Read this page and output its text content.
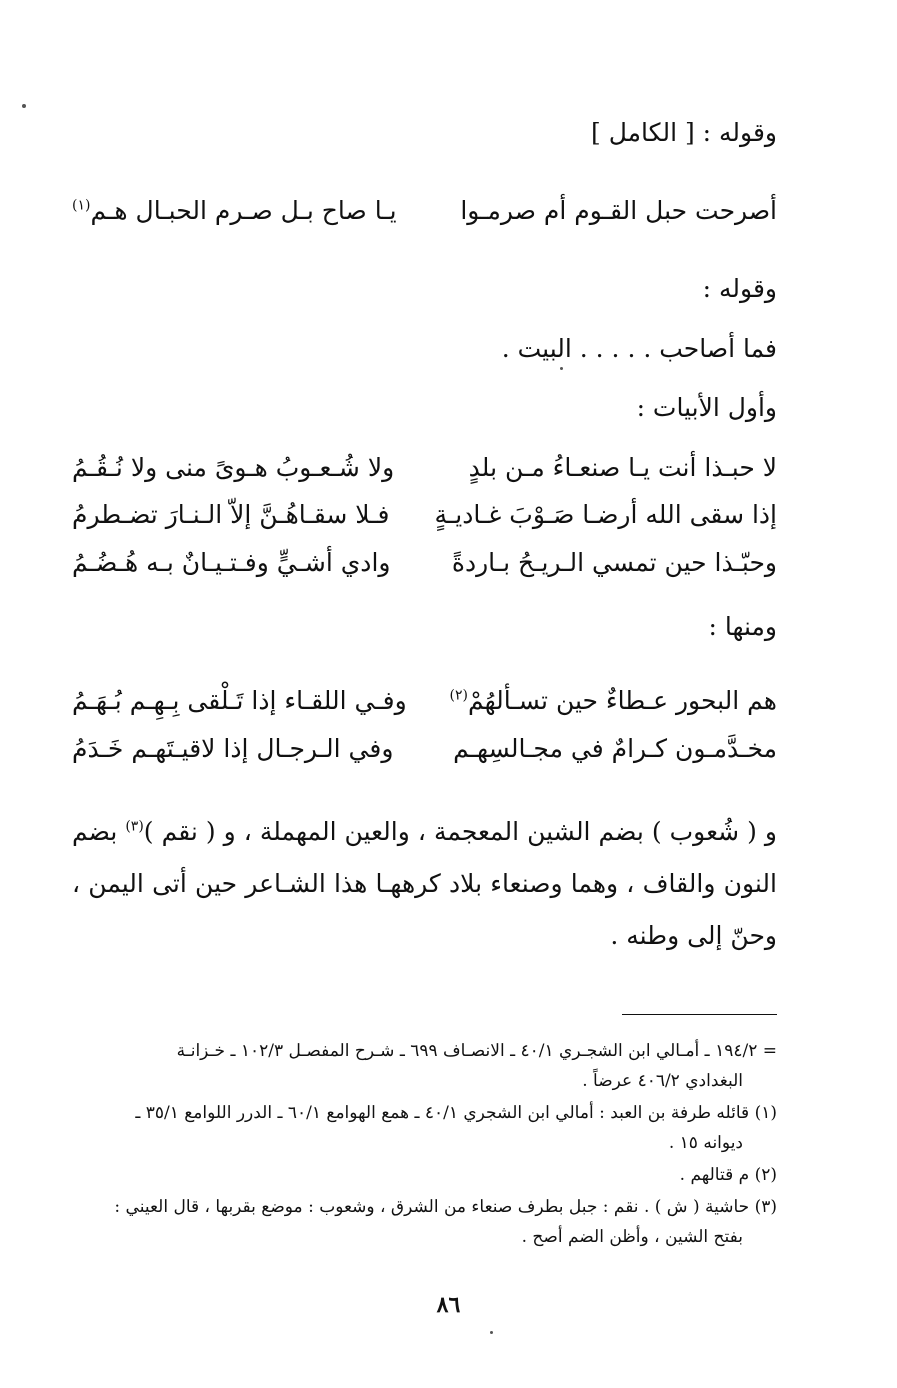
وقوله : [ الكامل ]
أصرحت حبل القـوم أم صرمـوا
يـا صاح بـل صـرم الحبـال هـم$^{(١)}$
وقوله :
فما أصاحب . . . . . البيت .
وأول الأبيات :
لا حبـذا أنت يـا صنعـاءُ مـن بلدٍ
ولا شُـعـوبُ هـوىً منى ولا نُـقُـمُ
إذا سقى الله أرضـا صَـوْبَ غـاديـةٍ
فـلا سقـاهُـنَّ إلاّ الـنـارَ تضـطرمُ
وحبّـذا حين تمسي الـريـحُ بـاردةً
وادي أشـيٍّ وفـتـيـانٌ بـه هُـضُـمُ
ومنها :
هم البحور عـطاءٌ حين تسـألهُمْ$^{(٢)}$
وفـي اللقـاء إذا تَـلْقى بِـهِـم بُـهَـمُ
مخـدَّمـون كـرامٌ في مجـالسِهـم
وفي الـرجـال إذا لاقيـتَهـم خَـدَمُ
و ( شُعوب ) بضم الشين المعجمة ، والعين المهملة ، و ( نقم )$^{(٣)}$ بضم النون والقاف ، وهما وصنعاء بلاد كرههـا هذا الشـاعر حين أتى اليمن ، وحنّ إلى وطنه .
= ١٩٤/٢ ـ أمـالي ابن الشجـري ٤٠/١ ـ الانصـاف ٦٩٩ ـ شـرح المفصـل ١٠٢/٣ ـ خـزانـة
البغدادي ٤٠٦/٢ عرضاً .
(١) قائله طرفة بن العبد : أمالي ابن الشجري ٤٠/١ ـ همع الهوامع ٦٠/١ ـ الدرر اللوامع ٣٥/١ ـ
ديوانه ١٥ .
(٢) م قتالهم .
(٣) حاشية ( ش ) . نقم : جبل بطرف صنعاء من الشرق ، وشعوب : موضع بقربها ، قال العيني :
بفتح الشين ، وأظن الضم أصح .
٨٦
